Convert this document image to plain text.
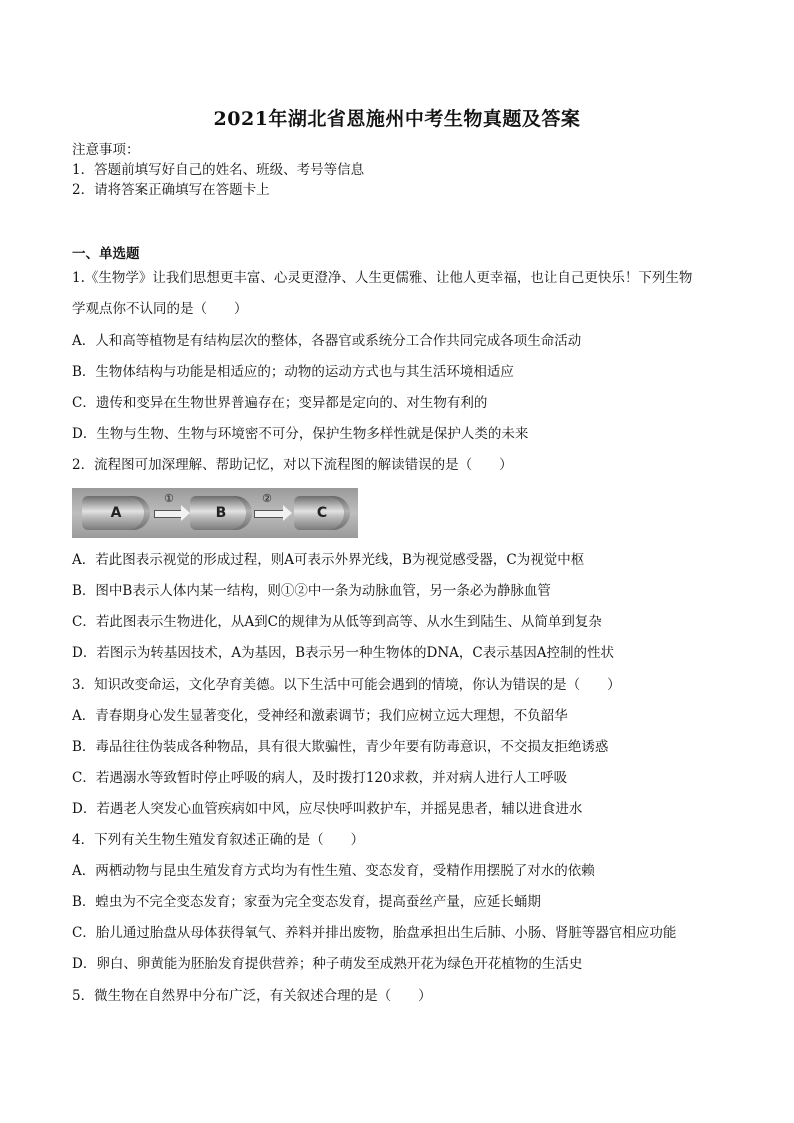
2021年湖北省恩施州中考生物真题及答案
注意事项：
1．答题前填写好自己的姓名、班级、考号等信息
2．请将答案正确填写在答题卡上
一、单选题
1.《生物学》让我们思想更丰富、心灵更澄净、人生更儒雅、让他人更幸福，也让自己更快乐！下列生物
学观点你不认同的是（　　）
A．人和高等植物是有结构层次的整体，各器官或系统分工合作共同完成各项生命活动
B．生物体结构与功能是相适应的；动物的运动方式也与其生活环境相适应
C．遗传和变异在生物世界普遍存在；变异都是定向的、对生物有利的
D．生物与生物、生物与环境密不可分，保护生物多样性就是保护人类的未来
2．流程图可加深理解、帮助记忆，对以下流程图的解读错误的是（　　）
A
①
B
②
C
A．若此图表示视觉的形成过程，则A可表示外界光线，B为视觉感受器，C为视觉中枢
B．图中B表示人体内某一结构，则①②中一条为动脉血管，另一条必为静脉血管
C．若此图表示生物进化，从A到C的规律为从低等到高等、从水生到陆生、从简单到复杂
D．若图示为转基因技术，A为基因，B表示另一种生物体的DNA，C表示基因A控制的性状
3．知识改变命运，文化孕育美德。以下生活中可能会遇到的情境，你认为错误的是（　　）
A．青春期身心发生显著变化，受神经和激素调节；我们应树立远大理想，不负韶华
B．毒品往往伪装成各种物品，具有很大欺骗性，青少年要有防毒意识，不交损友拒绝诱惑
C．若遇溺水等致暂时停止呼吸的病人，及时拨打120求救，并对病人进行人工呼吸
D．若遇老人突发心血管疾病如中风，应尽快呼叫救护车，并摇晃患者，辅以进食进水
4．下列有关生物生殖发育叙述正确的是（　　）
A．两栖动物与昆虫生殖发育方式均为有性生殖、变态发育，受精作用摆脱了对水的依赖
B．蝗虫为不完全变态发育；家蚕为完全变态发育，提高蚕丝产量，应延长蛹期
C．胎儿通过胎盘从母体获得氧气、养料并排出废物，胎盘承担出生后肺、小肠、肾脏等器官相应功能
D．卵白、卵黄能为胚胎发育提供营养；种子萌发至成熟开花为绿色开花植物的生活史
5．微生物在自然界中分布广泛，有关叙述合理的是（　　）
